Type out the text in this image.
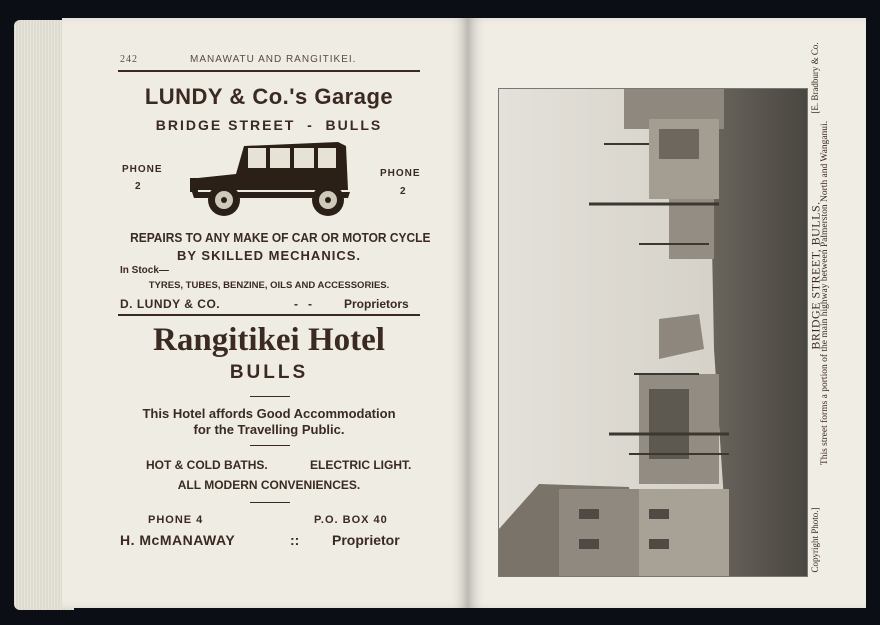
242	MANAWATU AND RANGITIKEI.
LUNDY & Co.'s Garage
BRIDGE STREET  -  BULLS
PHONE
2
PHONE
2
REPAIRS TO ANY MAKE OF CAR OR MOTOR CYCLE
BY SKILLED MECHANICS.
In Stock—
TYRES, TUBES, BENZINE, OILS AND ACCESSORIES.
D. LUNDY & CO.	-   -	Proprietors
Rangitikei Hotel
BULLS
This Hotel affords Good Accommodation
for the Travelling Public.
HOT & COLD BATHS.	ELECTRIC LIGHT.
ALL MODERN CONVENIENCES.
PHONE 4	P.O. BOX 40
H. McMANAWAY	:: Proprietor
BRIDGE STREET, BULLS.
This street forms a portion of the main highway between Palmerston North and Wanganui.
Copyright Photo.]
[E. Bradbury & Co.
